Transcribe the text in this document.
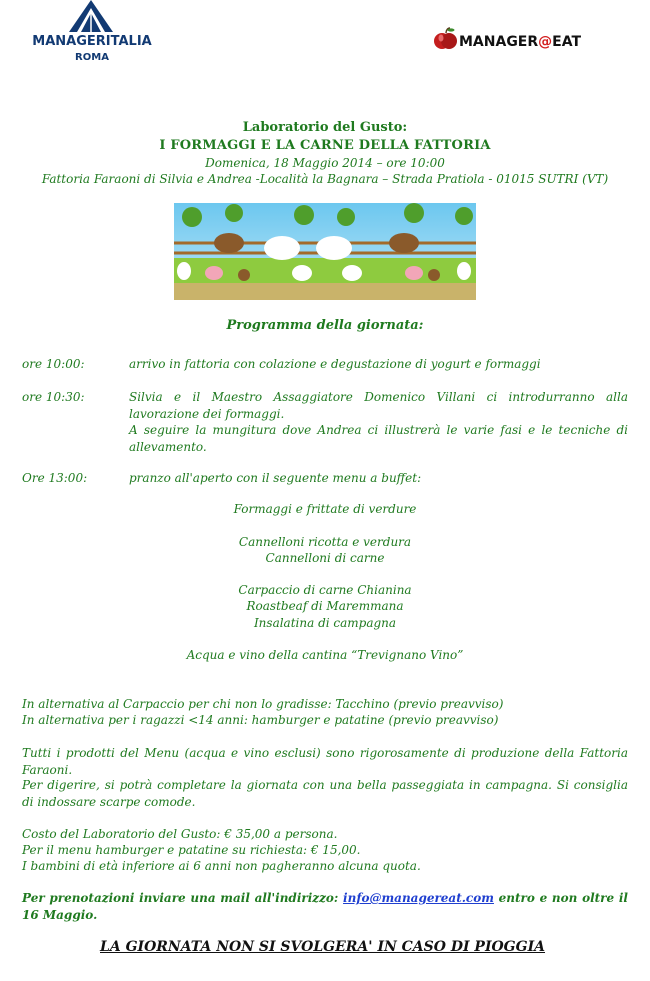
MANAGERITALIA
ROMA
MANAGER@EAT
Laboratorio del Gusto:
I FORMAGGI E LA CARNE DELLA FATTORIA
Domenica, 18 Maggio 2014 – ore 10:00
Fattoria Faraoni di Silvia e Andrea -Località la Bagnara – Strada Pratiola - 01015 SUTRI (VT)
Programma della giornata:
ore 10:00:	arrivo in fattoria con colazione e degustazione di yogurt e formaggi
ore 10:30:	Silvia e il Maestro Assaggiatore Domenico Villani ci introdurranno alla lavorazione dei formaggi.
A seguire la mungitura dove Andrea ci illustrerà le varie fasi e le tecniche di allevamento.
Ore 13:00:	pranzo all'aperto con il seguente menu a buffet:
Formaggi e frittate di verdure
Cannelloni ricotta e verdura
Cannelloni di carne
Carpaccio di carne Chianina
Roastbeaf di Maremmana
Insalatina di campagna
Acqua e vino della cantina “Trevignano Vino”
In alternativa al Carpaccio per chi non lo gradisse: Tacchino (previo preavviso)
In alternativa per i ragazzi <14 anni: hamburger e patatine (previo preavviso)
Tutti i prodotti del Menu (acqua e vino esclusi) sono rigorosamente di produzione della Fattoria Faraoni.
Per digerire, si potrà completare la giornata con una bella passeggiata in campagna. Si consiglia di indossare scarpe comode.
Costo del Laboratorio del Gusto: € 35,00 a persona.
Per il menu hamburger e patatine su richiesta: € 15,00.
I bambini di età inferiore ai 6 anni non pagheranno alcuna quota.
Per prenotazioni inviare una mail all'indirizzo: info@managereat.com entro e non oltre il 16 Maggio.
LA GIORNATA NON SI SVOLGERA' IN CASO DI PIOGGIA
